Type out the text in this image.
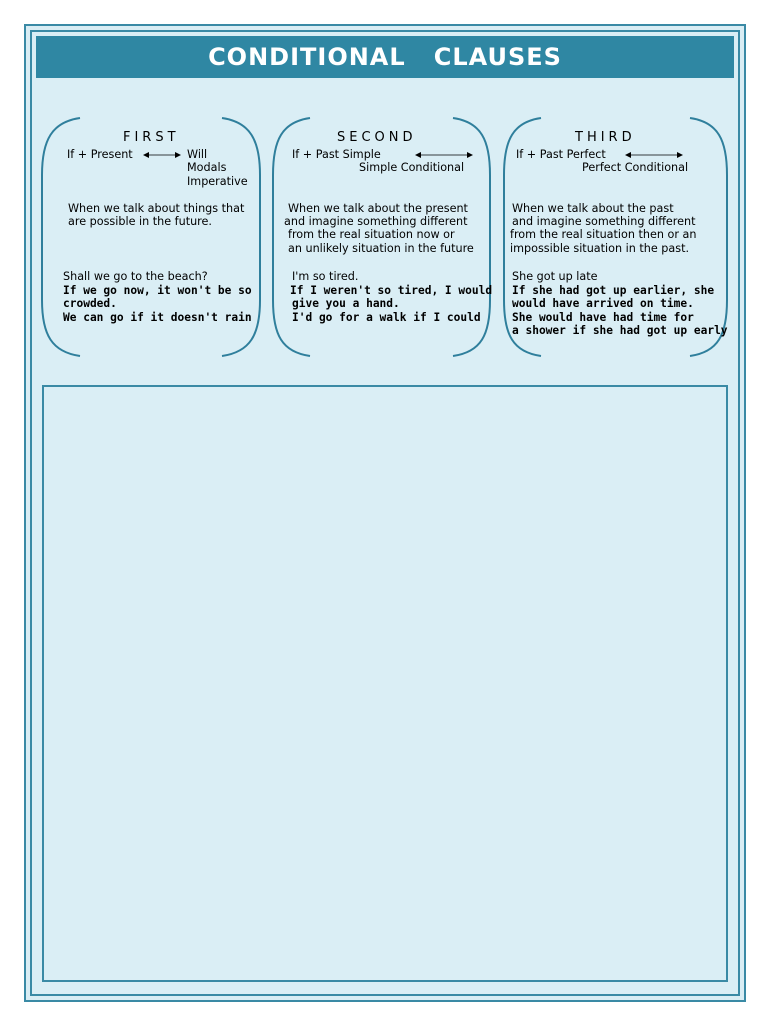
CONDITIONAL   CLAUSES
FIRST
If + Present	Will
Modals
Imperative
When we talk about things that
are possible in the future.
Shall we go to the beach?
If we go now, it won't be so
crowded.
We can go if it doesn't rain
SECOND
If + Past Simple
Simple Conditional
When we talk about the present
and imagine something different
from the real situation now or
an unlikely situation in the future
I'm so tired.
If I weren't so tired, I would
give you a hand.
I'd go for a walk if I could
THIRD
If + Past Perfect
Perfect Conditional
When we talk about the past
and imagine something different
from the real situation then or an
impossible situation in the past.
She got up late
If she had got up earlier, she
would have arrived on time.
She would have had time for
a shower if she had got up early
